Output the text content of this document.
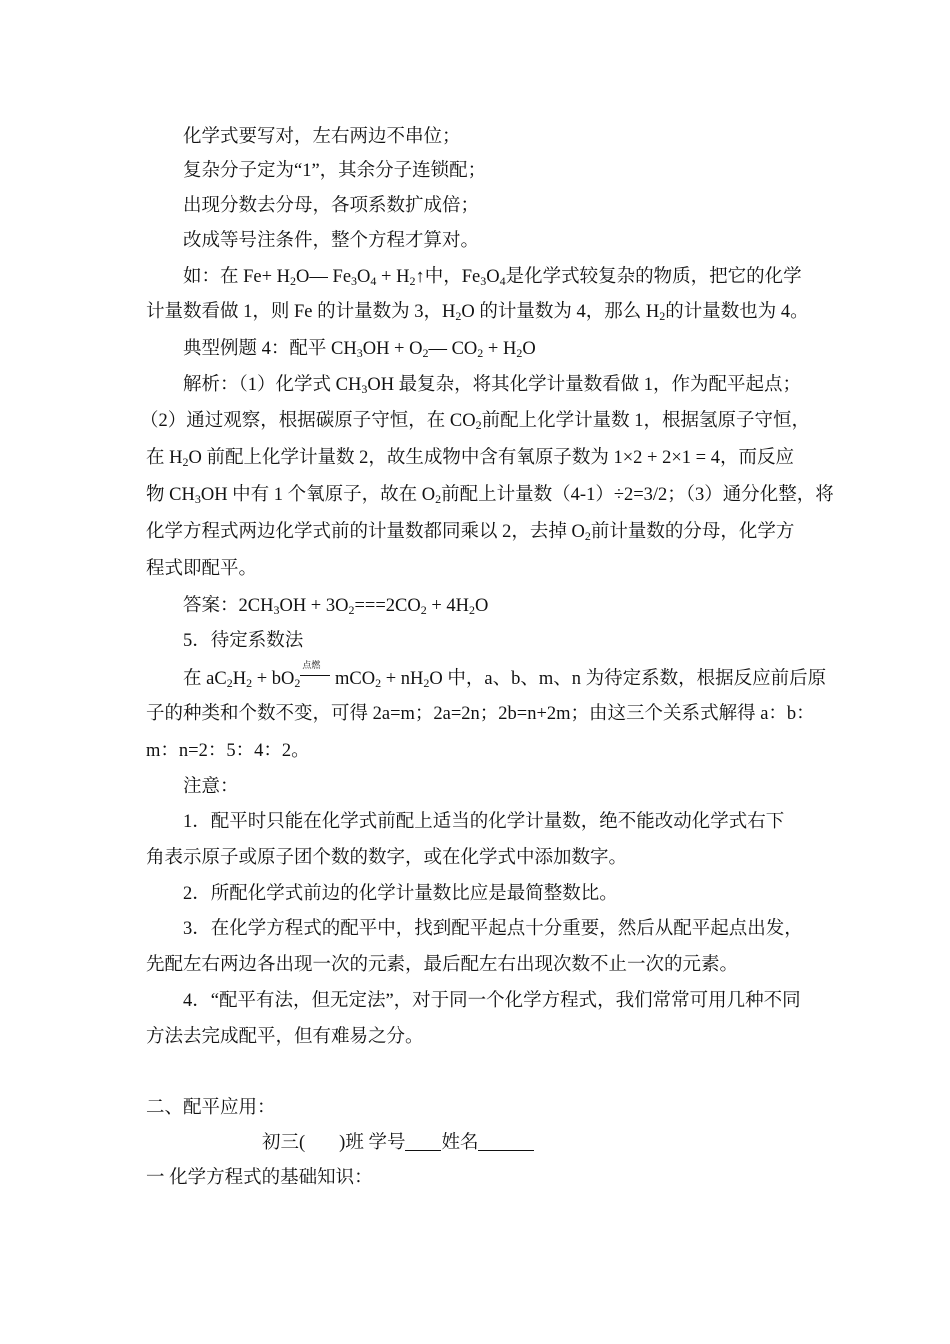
化学式要写对，左右两边不串位；
复杂分子定为“1”，其余分子连锁配；
出现分数去分母，各项系数扩成倍；
改成等号注条件，整个方程才算对。
如：在 $Fe+ H_2O—$ $Fe_3O_4$ + $H_2↑$中，$Fe_3O_4$是化学式较复杂的物质，把它的化学
计量数看做 1，则 Fe 的计量数为 3，$H_2O$ 的计量数为 4，那么 $H_2$的计量数也为 4。
典型例题 4：配平 $CH_3OH$ + $O_2—$ $CO_2 + H_2O$
解析：（1）化学式 $CH_3OH$ 最复杂，将其化学计量数看做 1，作为配平起点；
（2）通过观察，根据碳原子守恒，在 $CO_2$前配上化学计量数 1，根据氢原子守恒，
在 $H_2O$ 前配上化学计量数 2，故生成物中含有氧原子数为 1×2 + 2×1 = 4，而反应
物 $CH_3OH$ 中有 1 个氧原子，故在 $O_2$前配上计量数（4-1）÷2=3/2；（3）通分化整，将
化学方程式两边化学式前的计量数都同乘以 2，去掉 $O_2$前计量数的分母，化学方
程式即配平。
答案：$2CH_3OH + 3O_2===2CO_2 + 4H_2O$
5．待定系数法
在 $aC_2H_2 + bO_2$
点燃
$mCO_2 + nH_2O$ 中，a、b、m、n 为待定系数，根据反应前后原
子的种类和个数不变，可得 2a=m；2a=2n；2b=n+2m；由这三个关系式解得 a：b：
m：n=2：5：4：2。
注意：
1．配平时只能在化学式前配上适当的化学计量数，绝不能改动化学式右下
角表示原子或原子团个数的数字，或在化学式中添加数字。
2．所配化学式前边的化学计量数比应是最简整数比。
3．在化学方程式的配平中，找到配平起点十分重要，然后从配平起点出发，
先配左右两边各出现一次的元素，最后配左右出现次数不止一次的元素。
4．“配平有法，但无定法”，对于同一个化学方程式，我们常常可用几种不同
方法去完成配平，但有难易之分。
二、配平应用：
初三( )班 学号 姓名
一 化学方程式的基础知识：
